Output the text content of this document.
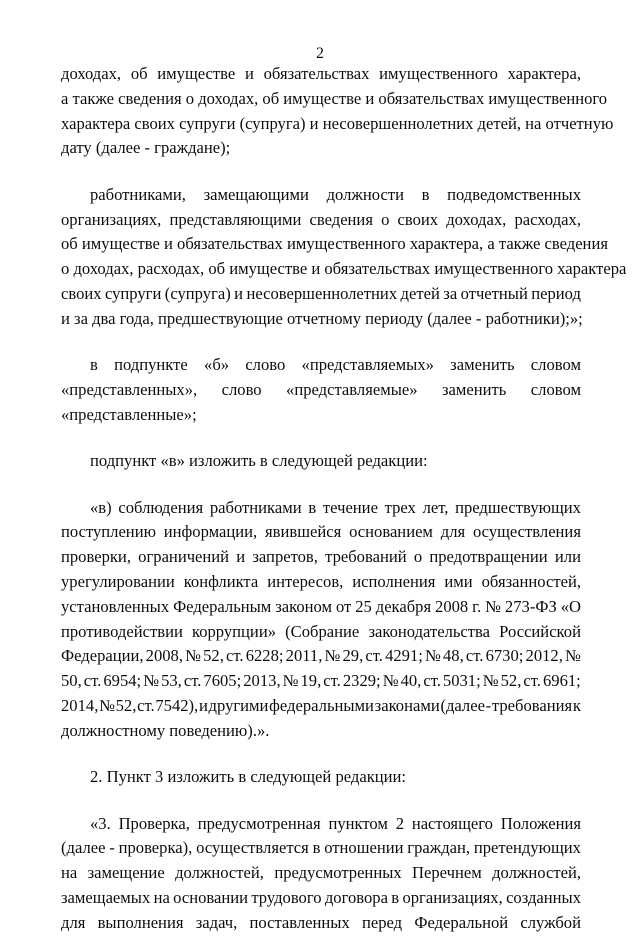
2
доходах, об имуществе и обязательствах имущественного характера,
а также сведения о доходах, об имуществе и обязательствах имущественного
характера своих супруги (супруга) и несовершеннолетних детей, на отчетную
дату (далее - граждане);
работниками, замещающими должности в подведомственных
организациях, представляющими сведения о своих доходах, расходах,
об имуществе и обязательствах имущественного характера, а также сведения
о доходах, расходах, об имуществе и обязательствах имущественного характера
своих супруги (супруга) и несовершеннолетних детей за отчетный период
и за два года, предшествующие отчетному периоду (далее - работники);»;
в подпункте «б» слово «представляемых» заменить словом
«представленных», слово «представляемые» заменить словом
«представленные»;
подпункт «в» изложить в следующей редакции:
«в) соблюдения работниками в течение трех лет, предшествующих
поступлению информации, явившейся основанием для осуществления
проверки, ограничений и запретов, требований о предотвращении или
урегулировании конфликта интересов, исполнения ими обязанностей,
установленных Федеральным законом от 25 декабря 2008 г. № 273-ФЗ «О
противодействии коррупции» (Собрание законодательства Российской
Федерации, 2008, № 52, ст. 6228; 2011, № 29, ст. 4291; № 48, ст. 6730; 2012, №
50, ст. 6954; № 53, ст. 7605; 2013, № 19, ст. 2329; № 40, ст. 5031; № 52, ст. 6961;
2014, № 52, ст. 7542), и другими федеральными законами (далее - требования к
должностному поведению).».
2. Пункт 3 изложить в следующей редакции:
«3. Проверка, предусмотренная пунктом 2 настоящего Положения
(далее - проверка), осуществляется в отношении граждан, претендующих
на замещение должностей, предусмотренных Перечнем должностей,
замещаемых на основании трудового договора в организациях, созданных
для выполнения задач, поставленных перед Федеральной службой
